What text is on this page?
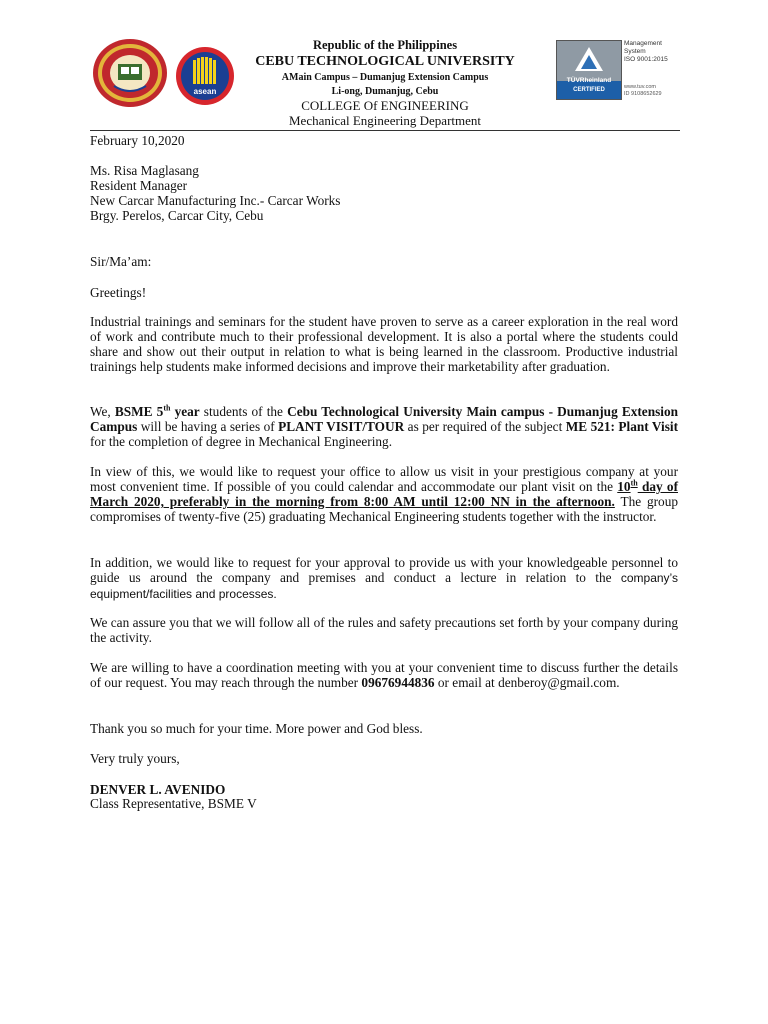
asean
Republic of the Philippines
CEBU TECHNOLOGICAL UNIVERSITY
AMain Campus – Dumanjug Extension Campus
Li-ong, Dumanjug, Cebu
COLLEGE Of ENGINEERING
Mechanical Engineering Department
TÜVRheinland
CERTIFIED
Management
System
ISO 9001:2015
www.tuv.com
ID 9108652629
February 10,2020
Ms. Risa Maglasang
Resident Manager
New Carcar Manufacturing Inc.- Carcar Works
Brgy. Perelos, Carcar City, Cebu
Sir/Ma’am:
Greetings!
Industrial trainings and seminars for the student have proven to serve as a career exploration in the real word of work and contribute much to their professional development. It is also a portal where the students could share and show out their output in relation to what is being learned in the classroom. Productive industrial trainings help students make informed decisions and improve their marketability after graduation.
We, BSME 5th year students of the Cebu Technological University Main campus - Dumanjug Extension Campus will be having a series of PLANT VISIT/TOUR as per required of the subject ME 521: Plant Visit for the completion of degree in Mechanical Engineering.
In view of this, we would like to request your office to allow us visit in your prestigious company at your most convenient time. If possible of you could calendar and accommodate our plant visit on the 10th day of March 2020, preferably in the morning from 8:00 AM until 12:00 NN in the afternoon. The group compromises of twenty-five (25) graduating Mechanical Engineering students together with the instructor.
In addition, we would like to request for your approval to provide us with your knowledgeable personnel to guide us around the company and premises and conduct a lecture in relation to the company’s equipment/facilities and processes.
We can assure you that we will follow all of the rules and safety precautions set forth by your company during the activity.
We are willing to have a coordination meeting with you at your convenient time to discuss further the details of our request. You may reach through the number 09676944836 or email at denberoy@gmail.com.
Thank you so much for your time. More power and God bless.
Very truly yours,
DENVER L. AVENIDO
Class Representative, BSME V
